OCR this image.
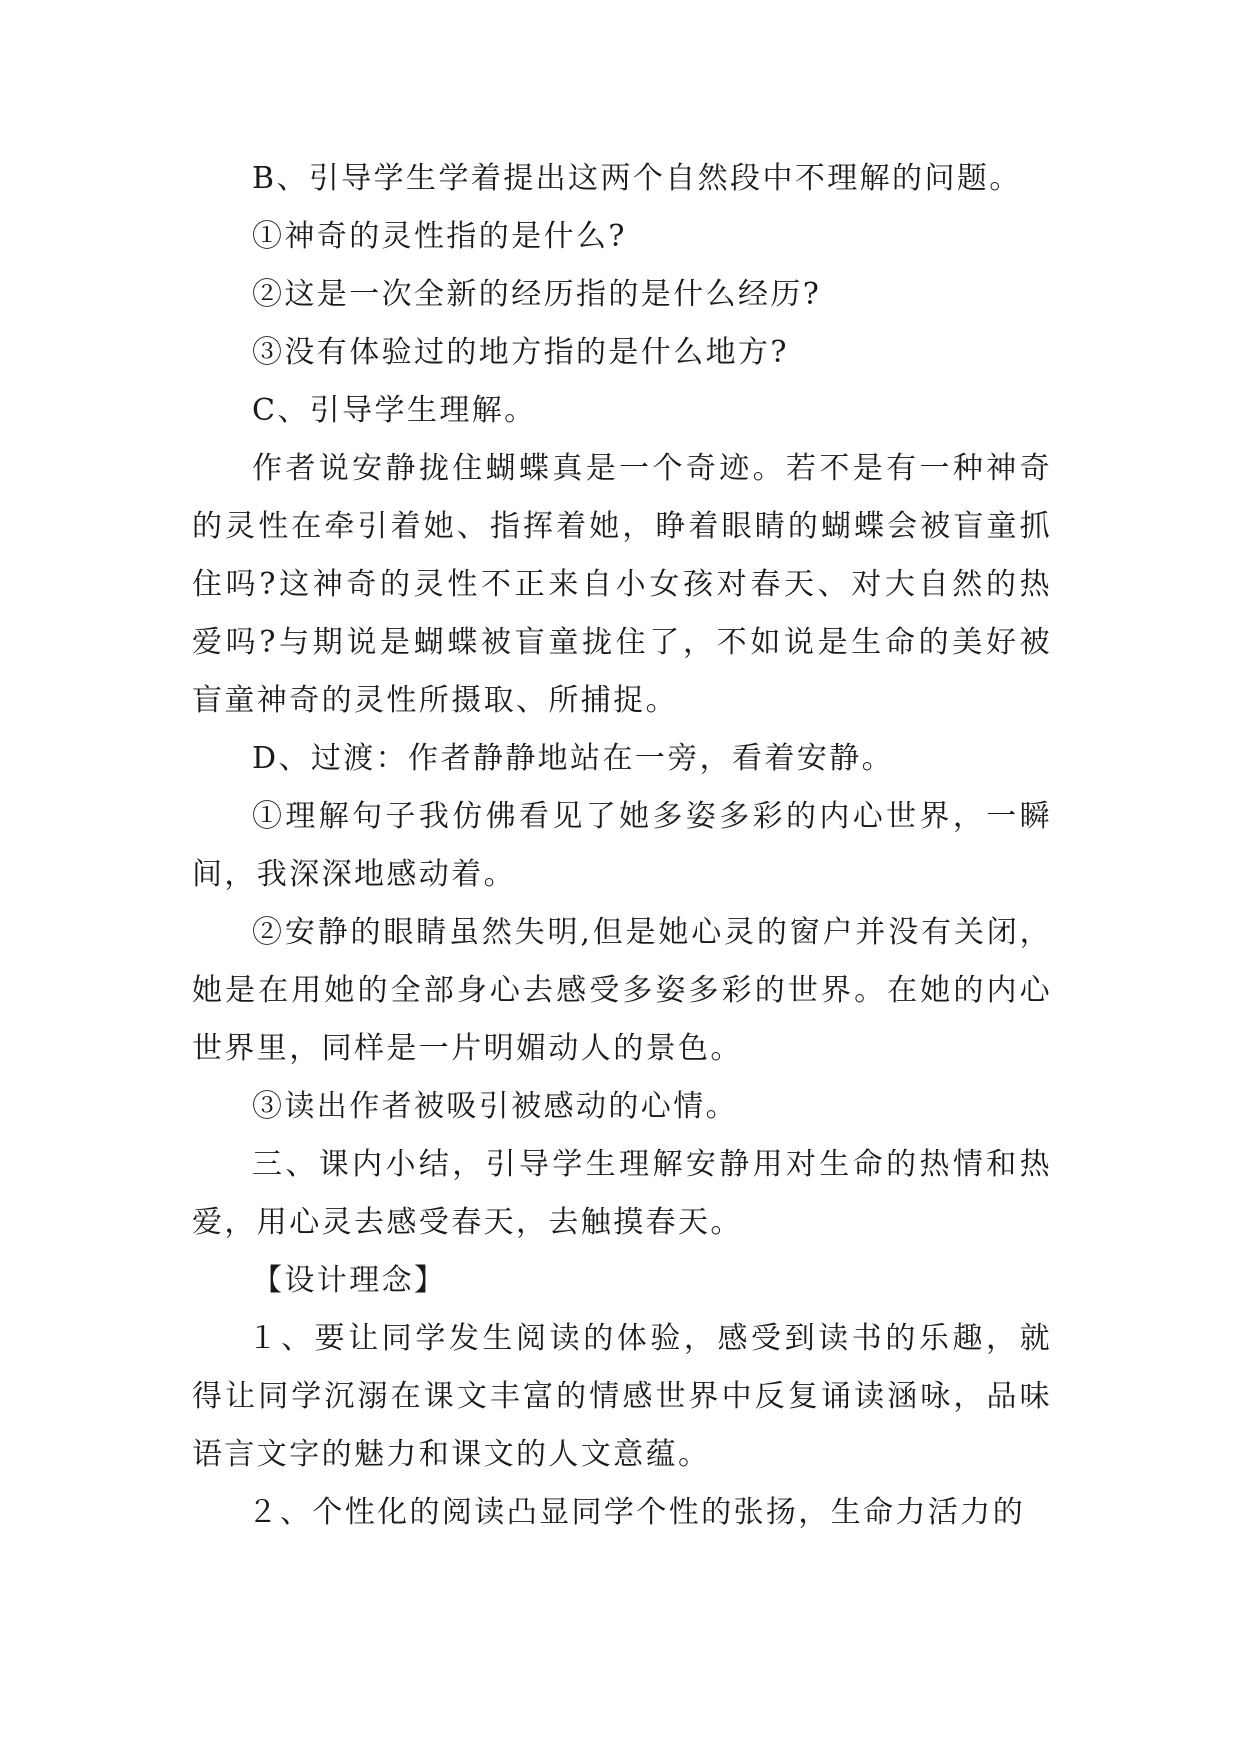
B、引导学生学着提出这两个自然段中不理解的问题。

①神奇的灵性指的是什么?

②这是一次全新的经历指的是什么经历?

③没有体验过的地方指的是什么地方?

C、引导学生理解。

作者说安静拢住蝴蝶真是一个奇迹。若不是有一种神奇的灵性在牵引着她、指挥着她，睁着眼睛的蝴蝶会被盲童抓住吗?这神奇的灵性不正来自小女孩对春天、对大自然的热爱吗?与期说是蝴蝶被盲童拢住了，不如说是生命的美好被盲童神奇的灵性所摄取、所捕捉。

D、过渡：作者静静地站在一旁，看着安静。

①理解句子我仿佛看见了她多姿多彩的内心世界，一瞬间，我深深地感动着。

②安静的眼睛虽然失明,但是她心灵的窗户并没有关闭，她是在用她的全部身心去感受多姿多彩的世界。在她的内心世界里，同样是一片明媚动人的景色。

③读出作者被吸引被感动的心情。

三、课内小结，引导学生理解安静用对生命的热情和热爱，用心灵去感受春天，去触摸春天。

【设计理念】

１、要让同学发生阅读的体验，感受到读书的乐趣，就得让同学沉溺在课文丰富的情感世界中反复诵读涵咏，品味语言文字的魅力和课文的人文意蕴。

２、个性化的阅读凸显同学个性的张扬，生命力活力的
